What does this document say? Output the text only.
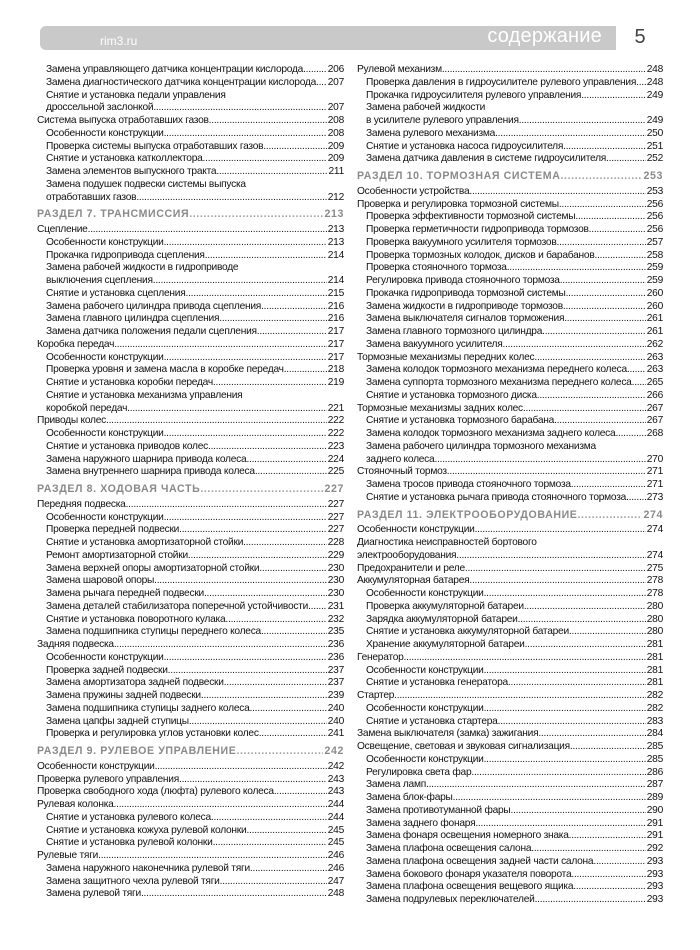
rim3.ru	содержание	5
Замена управляющего датчика концентрации кислорода ..... 206
Замена диагностического датчика концентрации кислорода ..... 207
Снятие и установка педали управления
дроссельной заслонкой .....	207
Система выпуска отработавших газов .....	208
Особенности конструкции .....	208
Проверка системы выпуска отработавших газов .....	209
Снятие и установка катколлектора .....	209
Замена элементов выпускного тракта .....	211
Замена подушек подвески системы выпуска
отработавших газов .....	212
РАЗДЕЛ 7. ТРАНСМИССИЯ .....	213
Сцепление .....	213
Особенности конструкции .....	213
Прокачка гидропривода сцепления .....	214
Замена рабочей жидкости в гидроприводе
выключения сцепления .....	214
Снятие и установка сцепления .....	215
Замена рабочего цилиндра привода сцепления .....	216
Замена главного цилиндра сцепления .....	216
Замена датчика положения педали сцепления .....	217
Коробка передач .....	217
Особенности конструкции .....	217
Проверка уровня и замена масла в коробке передач .....	218
Снятие и установка коробки передач .....	219
Снятие и установка механизма управления
коробкой передач .....	221
Приводы колес .....	222
Особенности конструкции .....	222
Снятие и установка приводов колес .....	223
Замена наружного шарнира привода колеса .....	224
Замена внутреннего шарнира привода колеса .....	225
РАЗДЕЛ 8. ХОДОВАЯ ЧАСТЬ .....	227
Передняя подвеска .....	227
Особенности конструкции .....	227
Проверка передней подвески .....	227
Снятие и установка амортизаторной стойки .....	228
Ремонт амортизаторной стойки .....	229
Замена верхней опоры амортизаторной стойки .....	230
Замена шаровой опоры .....	230
Замена рычага передней подвески .....	230
Замена деталей стабилизатора поперечной устойчивости ..... 231
Снятие и установка поворотного кулака .....	232
Замена подшипника ступицы переднего колеса .....	235
Задняя подвеска .....	236
Особенности конструкции .....	236
Проверка задней подвески .....	237
Замена амортизатора задней подвески .....	237
Замена пружины задней подвески .....	239
Замена подшипника ступицы заднего колеса .....	240
Замена цапфы задней ступицы .....	240
Проверка и регулировка углов установки колес .....	241
РАЗДЕЛ 9. РУЛЕВОЕ УПРАВЛЕНИЕ .....	242
Особенности конструкции .....	242
Проверка рулевого управления .....	243
Проверка свободного хода (люфта) рулевого колеса .....	243
Рулевая колонка .....	244
Снятие и установка рулевого колеса .....	244
Снятие и установка кожуха рулевой колонки .....	245
Снятие и установка рулевой колонки .....	245
Рулевые тяги .....	246
Замена наружного наконечника рулевой тяги .....	246
Замена защитного чехла рулевой тяги .....	247
Замена рулевой тяги .....	248
Рулевой механизм .....	248
Проверка давления в гидроусилителе рулевого управления ..... 248
Прокачка гидроусилителя рулевого управления .....	249
Замена рабочей жидкости
в усилителе рулевого управления .....	249
Замена рулевого механизма .....	250
Снятие и установка насоса гидроусилителя .....	251
Замена датчика давления в системе гидроусилителя .....	252
РАЗДЕЛ 10. ТОРМОЗНАЯ СИСТЕМА .....	253
Особенности устройства .....	253
Проверка и регулировка тормозной системы .....	256
Проверка эффективности тормозной системы .....	256
Проверка герметичности гидропривода тормозов .....	256
Проверка вакуумного усилителя тормозов .....	257
Проверка тормозных колодок, дисков и барабанов .....	258
Проверка стояночного тормоза .....	259
Регулировка привода стояночного тормоза .....	259
Прокачка гидропривода тормозной системы .....	260
Замена жидкости в гидроприводе тормозов .....	260
Замена выключателя сигналов торможения .....	261
Замена главного тормозного цилиндра .....	261
Замена вакуумного усилителя .....	262
Тормозные механизмы передних колес .....	263
Замена колодок тормозного механизма переднего колеса ..... 263
Замена суппорта тормозного механизма переднего колеса ..... 265
Снятие и установка тормозного диска .....	266
Тормозные механизмы задних колес .....	267
Снятие и установка тормозного барабана .....	267
Замена колодок тормозного механизма заднего колеса .....	268
Замена рабочего цилиндра тормозного механизма
заднего колеса .....	270
Стояночный тормоз .....	271
Замена тросов привода стояночного тормоза .....	271
Снятие и установка рычага привода стояночного тормоза ..... 273
РАЗДЕЛ 11. ЭЛЕКТРООБОРУДОВАНИЕ .....	274
Особенности конструкции .....	274
Диагностика неисправностей бортового
электрооборудования .....	274
Предохранители и реле .....	275
Аккумуляторная батарея .....	278
Особенности конструкции .....	278
Проверка аккумуляторной батареи .....	280
Зарядка аккумуляторной батареи .....	280
Снятие и установка аккумуляторной батареи .....	280
Хранение аккумуляторной батареи .....	281
Генератор .....	281
Особенности конструкции .....	281
Снятие и установка генератора .....	281
Стартер .....	282
Особенности конструкции .....	282
Снятие и установка стартера .....	283
Замена выключателя (замка) зажигания .....	284
Освещение, световая и звуковая сигнализация .....	285
Особенности конструкции .....	285
Регулировка света фар .....	286
Замена ламп .....	287
Замена блок-фары .....	289
Замена противотуманной фары .....	290
Замена заднего фонаря .....	291
Замена фонаря освещения номерного знака .....	291
Замена плафона освещения салона .....	292
Замена плафона освещения задней части салона .....	293
Замена бокового фонаря указателя поворота .....	293
Замена плафона освещения вещевого ящика .....	293
Замена подрулевых переключателей .....	293
